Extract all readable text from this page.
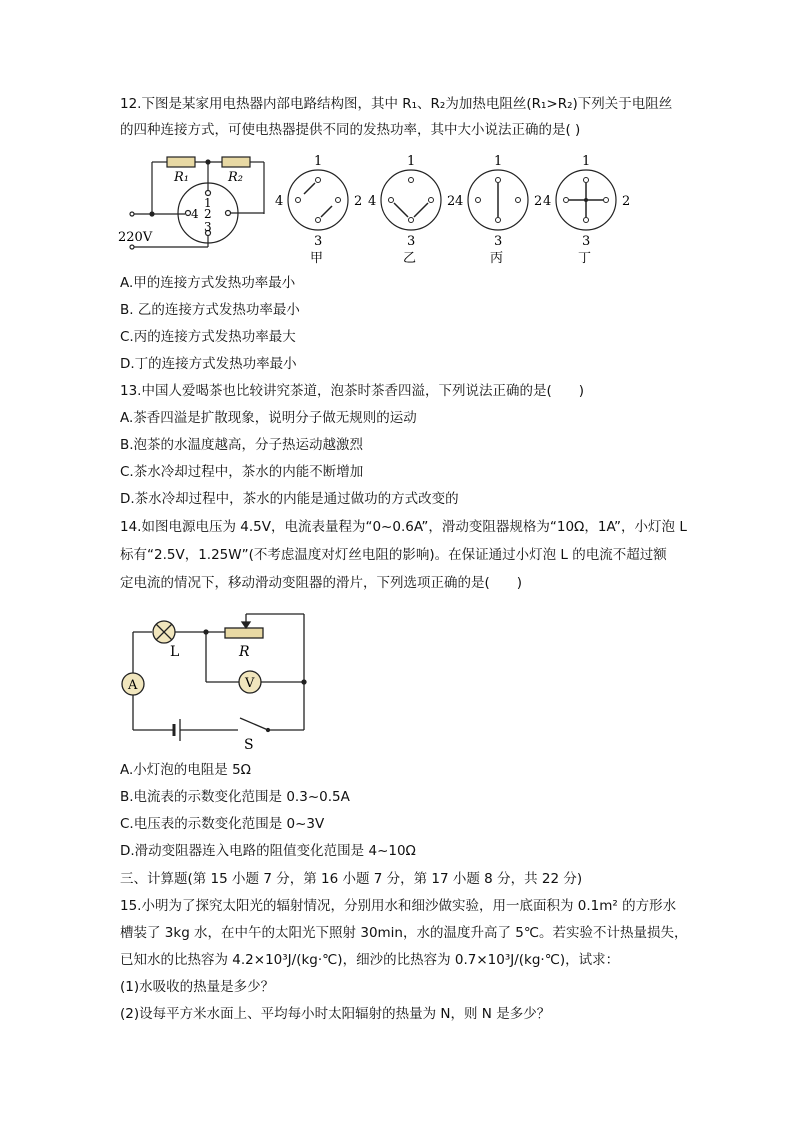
12.下图是某家用电热器内部电路结构图，其中 R₁、R₂为加热电阻丝(R₁>R₂)下列关于电阻丝
的四种连接方式，可使电热器提供不同的发热功率，其中大小说法正确的是( )
R₁	R₂
1
4 2
3
220V
1
4	2
3
甲
1
4	2
3
乙
1
4	2
3
丙
1
4	2
3
丁
A.甲的连接方式发热功率最小
B. 乙的连接方式发热功率最小
C.丙的连接方式发热功率最大
D.丁的连接方式发热功率最小
13.中国人爱喝茶也比较讲究茶道，泡茶时茶香四溢，下列说法正确的是(　　)
A.茶香四溢是扩散现象，说明分子做无规则的运动
B.泡茶的水温度越高，分子热运动越激烈
C.茶水冷却过程中，茶水的内能不断增加
D.茶水冷却过程中，茶水的内能是通过做功的方式改变的
14.如图电源电压为 4.5V，电流表量程为“0~0.6A”，滑动变阻器规格为“10Ω，1A”，小灯泡 L
标有“2.5V，1.25W”(不考虑温度对灯丝电阻的影响)。在保证通过小灯泡 L 的电流不超过额
定电流的情况下，移动滑动变阻器的滑片，下列选项正确的是(　　)
L	R
A	V
S
A.小灯泡的电阻是 5Ω
B.电流表的示数变化范围是 0.3~0.5A
C.电压表的示数变化范围是 0~3V
D.滑动变阻器连入电路的阻值变化范围是 4~10Ω
三、计算题(第 15 小题 7 分，第 16 小题 7 分，第 17 小题 8 分，共 22 分)
15.小明为了探究太阳光的辐射情况，分别用水和细沙做实验，用一底面积为 0.1m² 的方形水
槽装了 3kg 水，在中午的太阳光下照射 30min，水的温度升高了 5℃。若实验不计热量损失，
已知水的比热容为 4.2×10³J/(kg·℃)，细沙的比热容为 0.7×10³J/(kg·℃)，试求：
(1)水吸收的热量是多少？
(2)设每平方米水面上、平均每小时太阳辐射的热量为 N，则 N 是多少？
